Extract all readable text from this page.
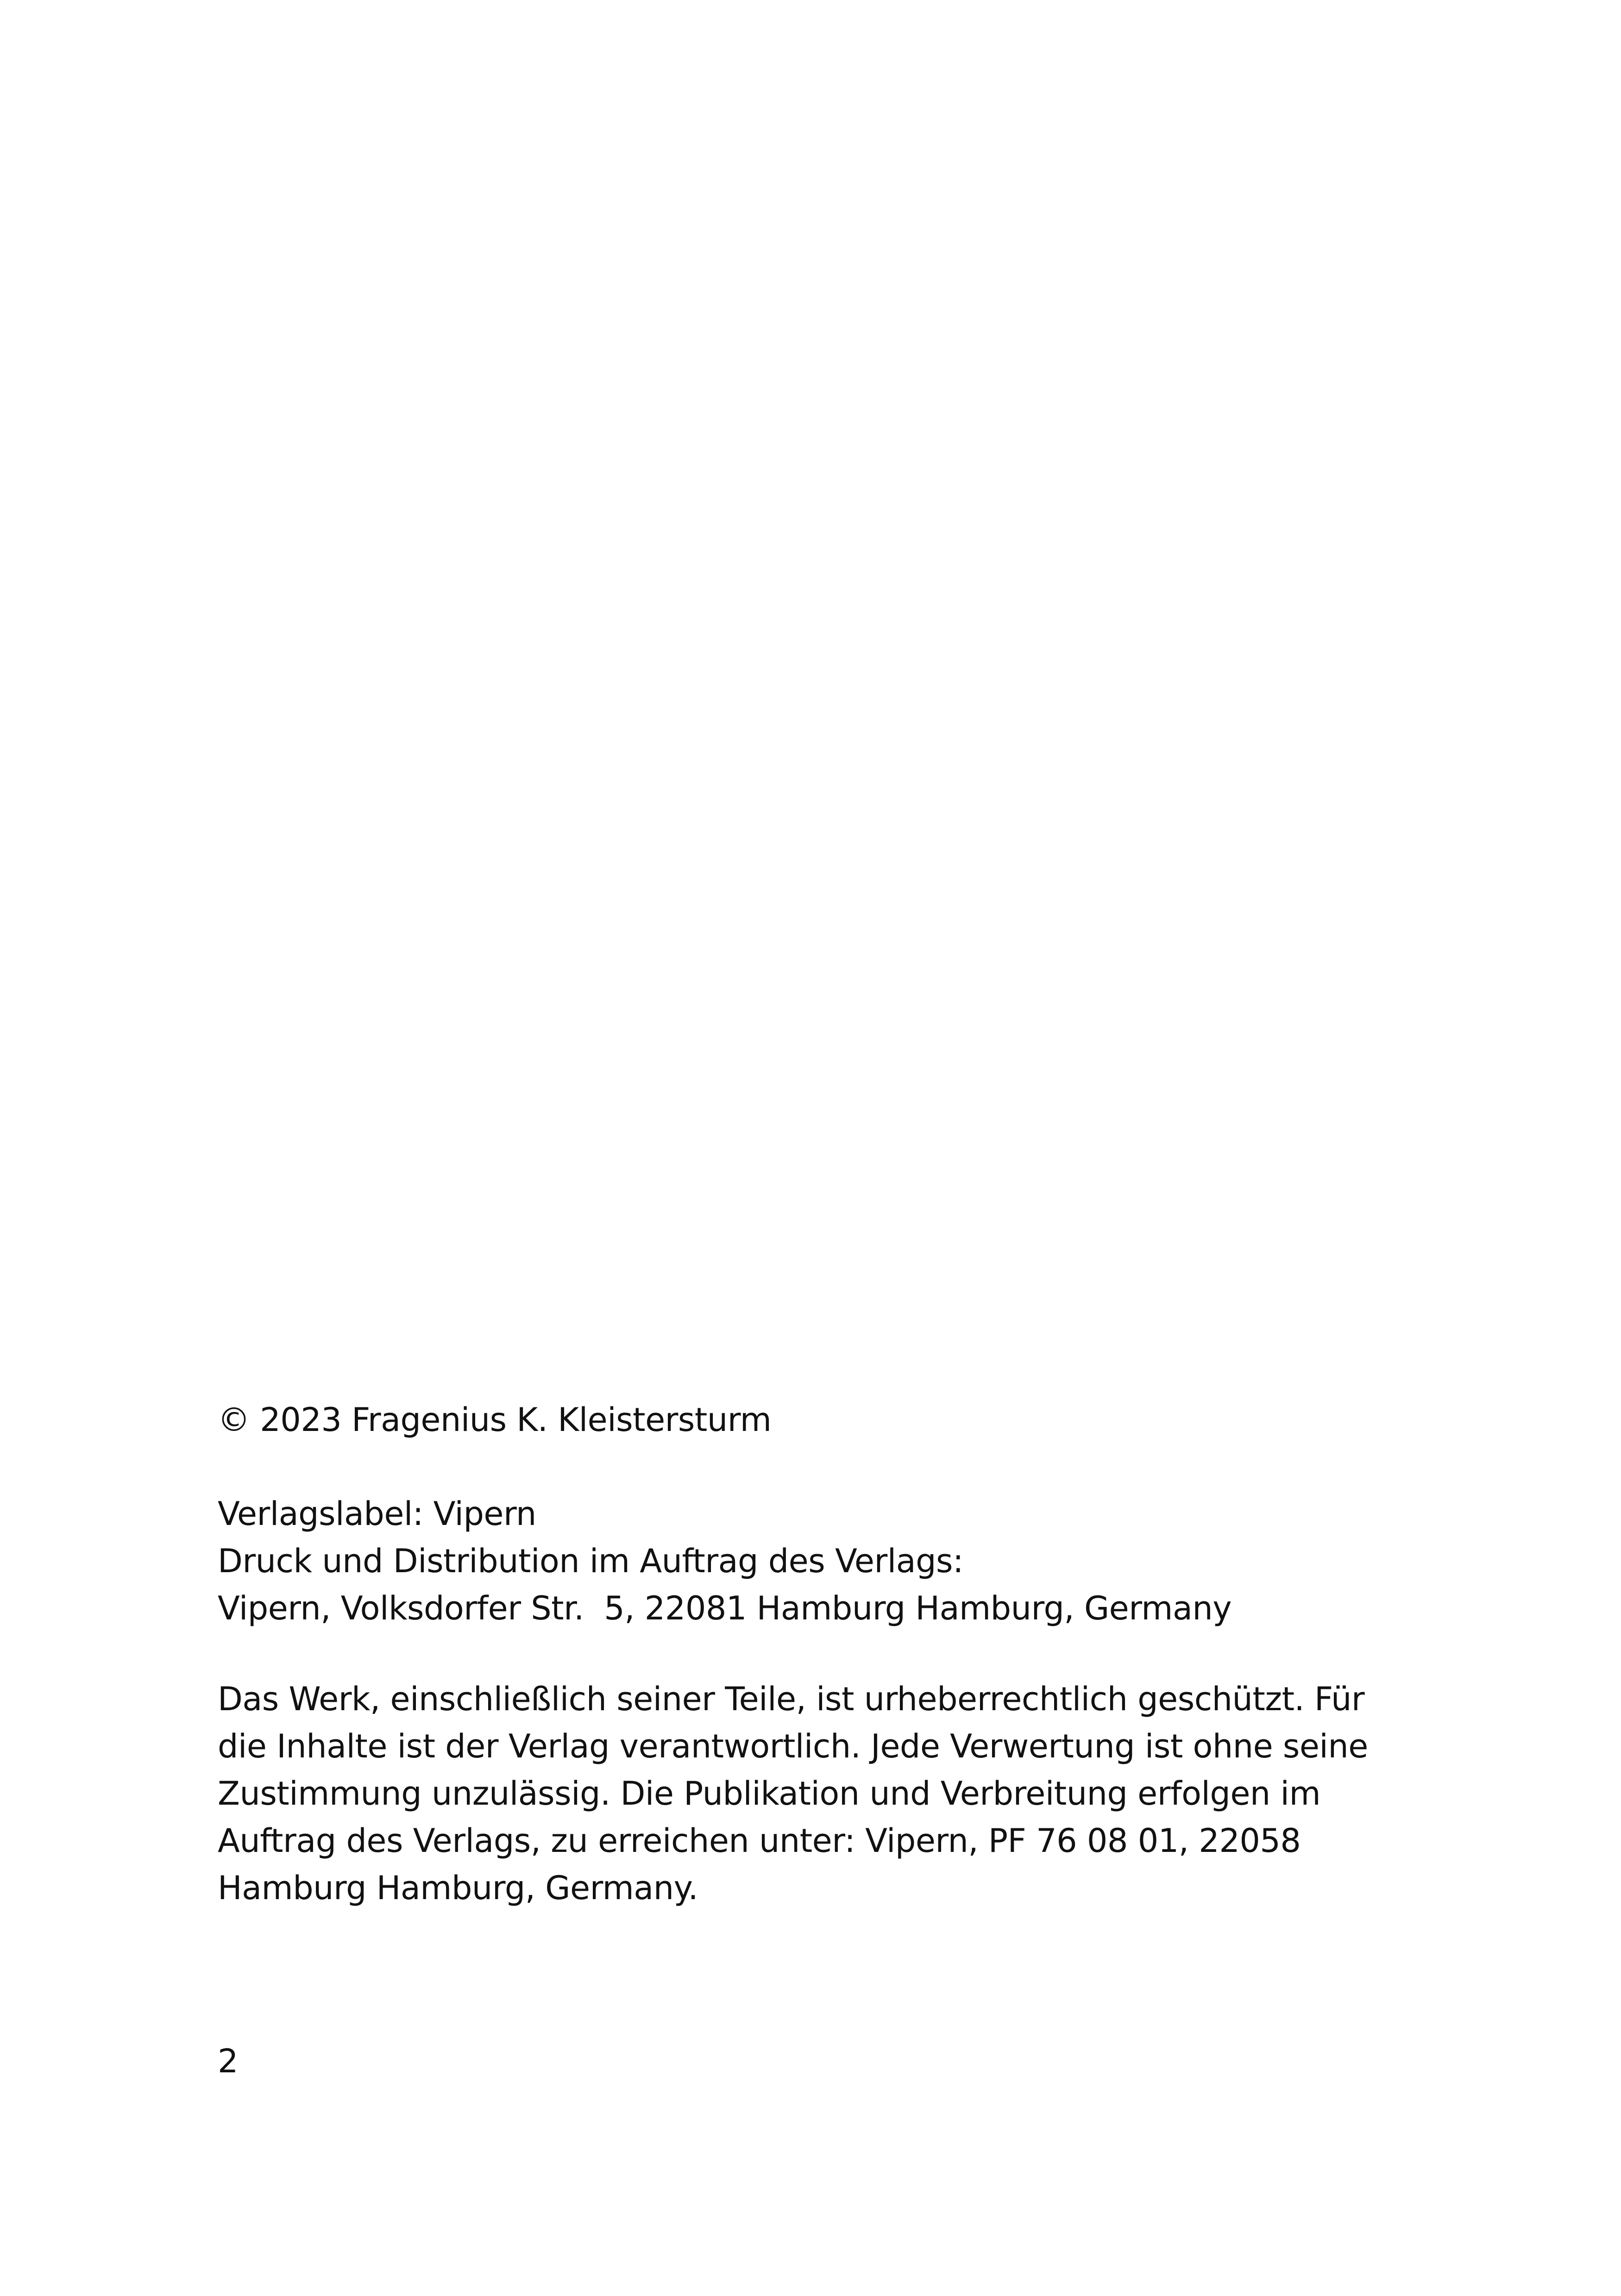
© 2023 Fragenius K. Kleistersturm
Verlagslabel: Vipern
Druck und Distribution im Auftrag des Verlags:
Vipern, Volksdorfer Str.  5, 22081 Hamburg Hamburg, Germany
Das Werk, einschließlich seiner Teile, ist urheberrechtlich geschützt. Für
die Inhalte ist der Verlag verantwortlich. Jede Verwertung ist ohne seine
Zustimmung unzulässig. Die Publikation und Verbreitung erfolgen im
Auftrag des Verlags, zu erreichen unter: Vipern, PF 76 08 01, 22058
Hamburg Hamburg, Germany.
2
